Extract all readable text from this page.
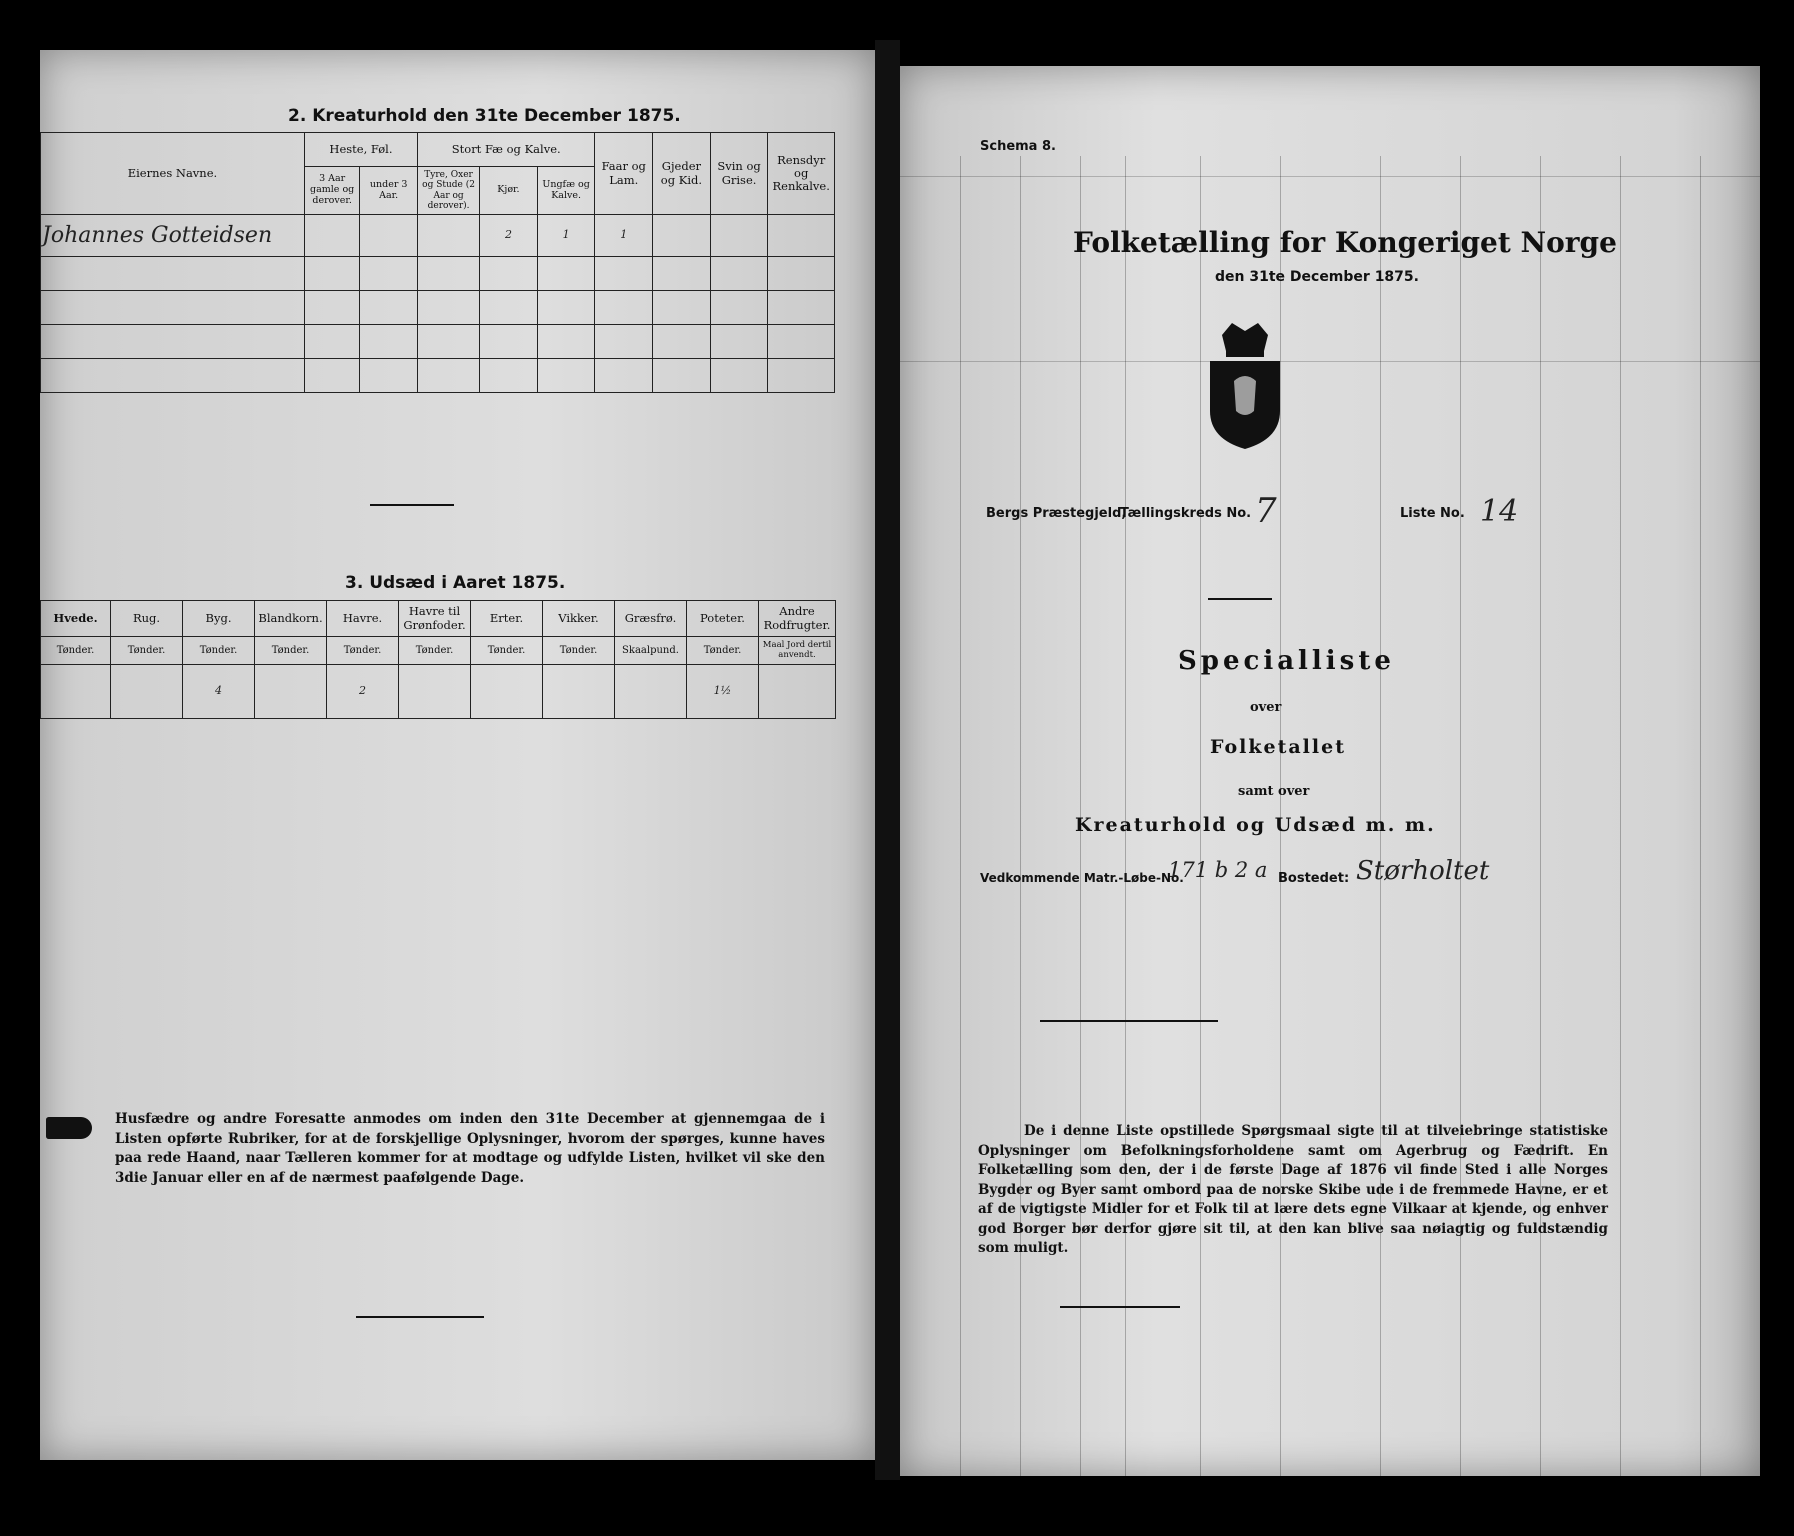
2. Kreaturhold den 31te December 1875.
Eiernes Navne.	Heste, Føl.		Stort Fæ og Kalve.			Faar og Lam.	Gjeder og Kid.	Svin og Grise.	Rensdyr og Renkalve.
	3 Aar gamle og derover.	under 3 Aar.	Tyre, Oxer og Stude (2 Aar og derover).	Kjør.	Ungfæ og Kalve.				
Johannes Gotteidsen				2	1	1			

3. Udsæd i Aaret 1875.
Hvede.	Rug.	Byg.	Blandkorn.	Havre.	Havre til Grønfoder.	Erter.	Vikker.	Græsfrø.	Poteter.	Andre Rodfrugter.
Tønder.	Tønder.	Tønder.	Tønder.	Tønder.	Tønder.	Tønder.	Tønder.	Skaalpund.	Tønder.	Maal Jord dertil anvendt.
		4		2					1½	
Husfædre og andre Foresatte anmodes om inden den 31te December at gjennemgaa de i Listen opførte Rubriker, for at de forskjellige Oplysninger, hvorom der spørges, kunne haves paa rede Haand, naar Tælleren kommer for at modtage og udfylde Listen, hvilket vil ske den 3die Januar eller en af de nærmest paafølgende Dage.
Schema 8.
Folketælling for Kongeriget Norge
den 31te December 1875.
Bergs Præstegjeld,
Tællingskreds No. 7	Liste No. 14
Specialliste
over
Folketallet
samt over
Kreaturhold og Udsæd m. m.
Vedkommende Matr.-Løbe-No.
171 b 2 a Bostedet: Størholtet
De i denne Liste opstillede Spørgsmaal sigte til at tilveiebringe statistiske Oplysninger om Befolkningsforholdene samt om Agerbrug og Fædrift. En Folketælling som den, der i de første Dage af 1876 vil finde Sted i alle Norges Bygder og Byer samt ombord paa de norske Skibe ude i de fremmede Havne, er et af de vigtigste Midler for et Folk til at lære dets egne Vilkaar at kjende, og enhver god Borger bør derfor gjøre sit til, at den kan blive saa nøiagtig og fuldstændig som muligt.
